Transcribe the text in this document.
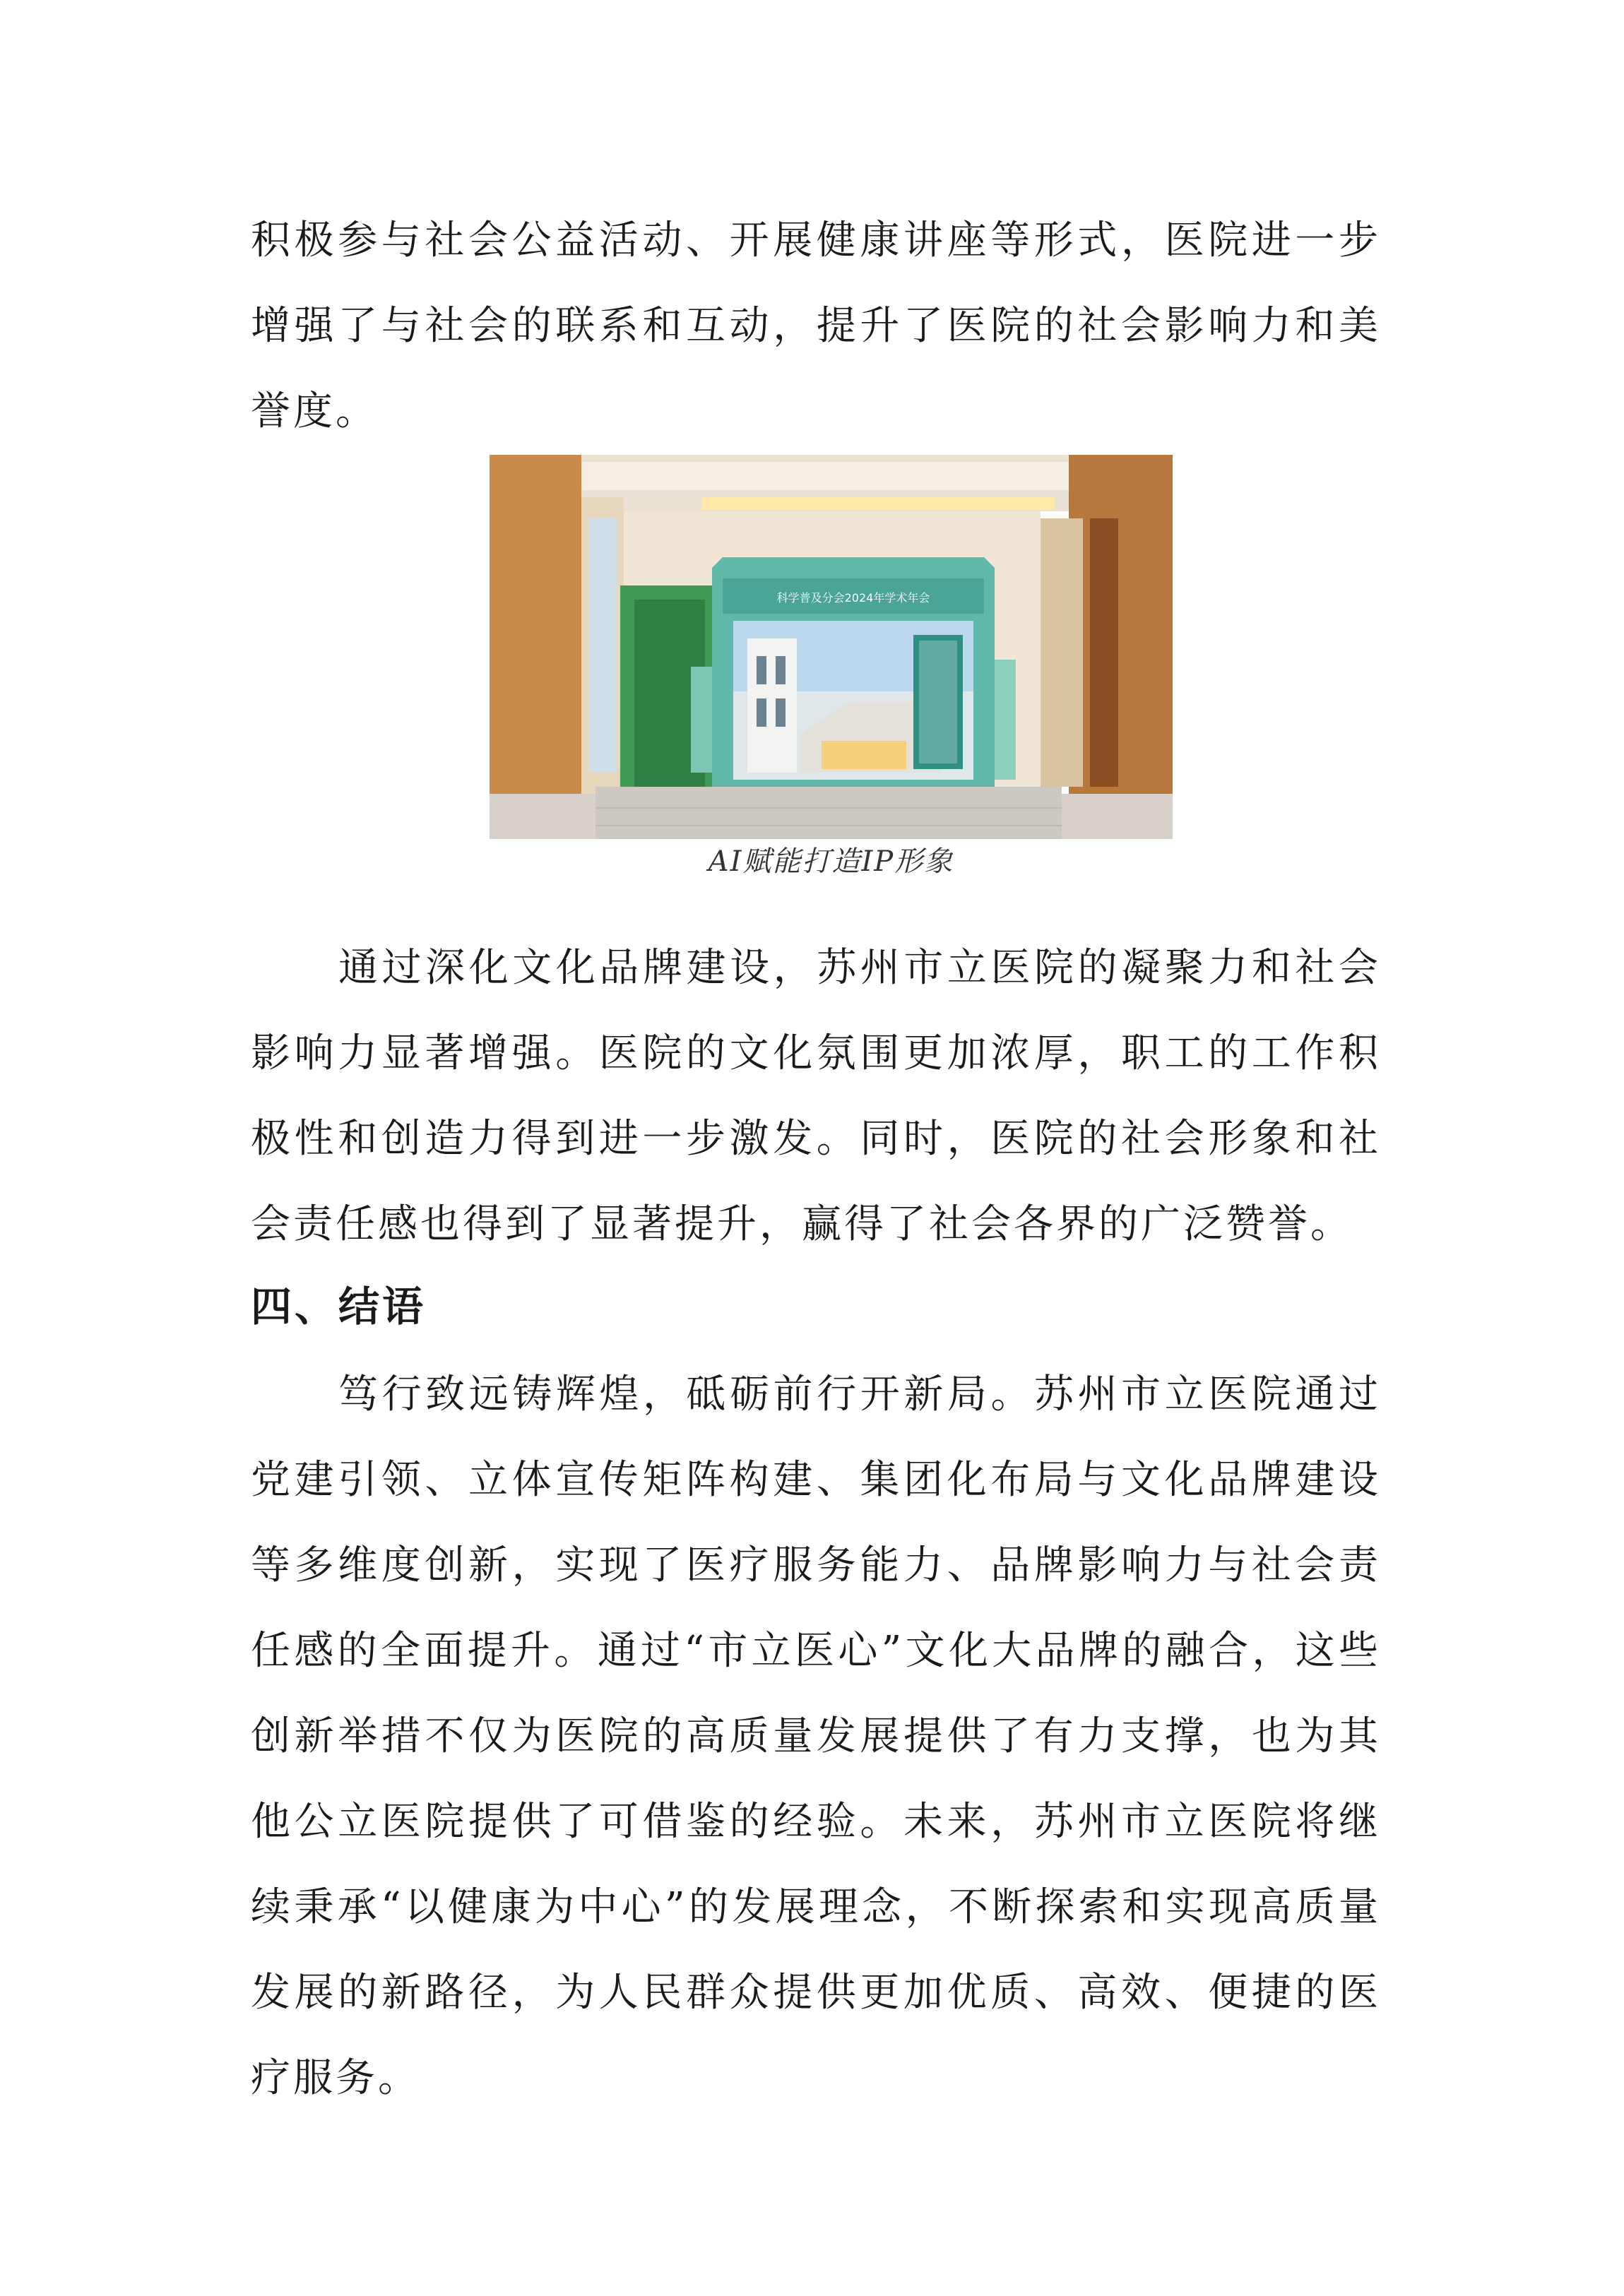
积极参与社会公益活动、开展健康讲座等形式，医院进一步增强了与社会的联系和互动，提升了医院的社会影响力和美誉度。

科学普及分会2024年学术年会
AI赋能打造IP形象

通过深化文化品牌建设，苏州市立医院的凝聚力和社会影响力显著增强。医院的文化氛围更加浓厚，职工的工作积极性和创造力得到进一步激发。同时，医院的社会形象和社会责任感也得到了显著提升，赢得了社会各界的广泛赞誉。

四、结语

笃行致远铸辉煌，砥砺前行开新局。苏州市立医院通过党建引领、立体宣传矩阵构建、集团化布局与文化品牌建设等多维度创新，实现了医疗服务能力、品牌影响力与社会责任感的全面提升。通过“市立医心”文化大品牌的融合，这些创新举措不仅为医院的高质量发展提供了有力支撑，也为其他公立医院提供了可借鉴的经验。未来，苏州市立医院将继续秉承“以健康为中心”的发展理念，不断探索和实现高质量发展的新路径，为人民群众提供更加优质、高效、便捷的医疗服务。
